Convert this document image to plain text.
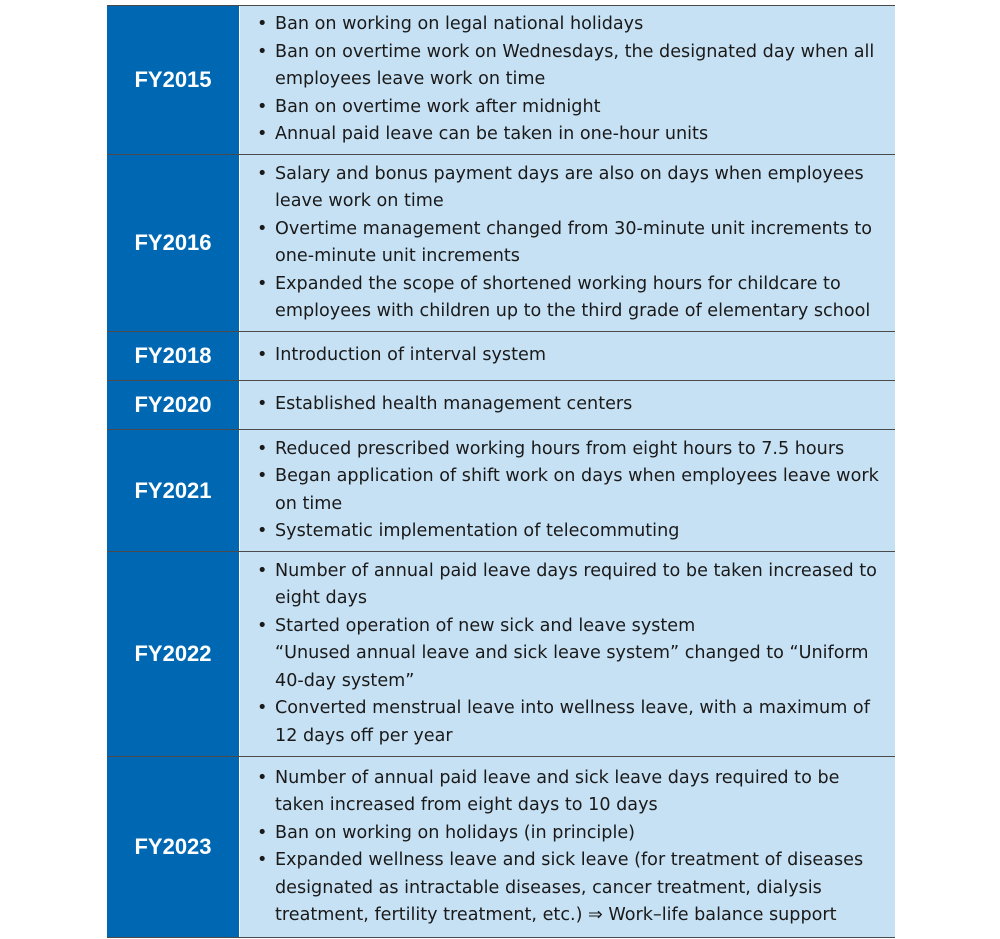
FY2015
• Ban on working on legal national holidays
• Ban on overtime work on Wednesdays, the designated day when all employees leave work on time
• Ban on overtime work after midnight
• Annual paid leave can be taken in one-hour units
FY2016
• Salary and bonus payment days are also on days when employees leave work on time
• Overtime management changed from 30-minute unit increments to one-minute unit increments
• Expanded the scope of shortened working hours for childcare to employees with children up to the third grade of elementary school
FY2018	• Introduction of interval system
FY2020	• Established health management centers
FY2021
• Reduced prescribed working hours from eight hours to 7.5 hours
• Began application of shift work on days when employees leave work on time
• Systematic implementation of telecommuting
FY2022
• Number of annual paid leave days required to be taken increased to eight days
• Started operation of new sick and leave system
“Unused annual leave and sick leave system” changed to “Uniform 40-day system”
• Converted menstrual leave into wellness leave, with a maximum of 12 days off per year
FY2023
• Number of annual paid leave and sick leave days required to be taken increased from eight days to 10 days
• Ban on working on holidays (in principle)
• Expanded wellness leave and sick leave (for treatment of diseases designated as intractable diseases, cancer treatment, dialysis treatment, fertility treatment, etc.) ⇒ Work–life balance support
